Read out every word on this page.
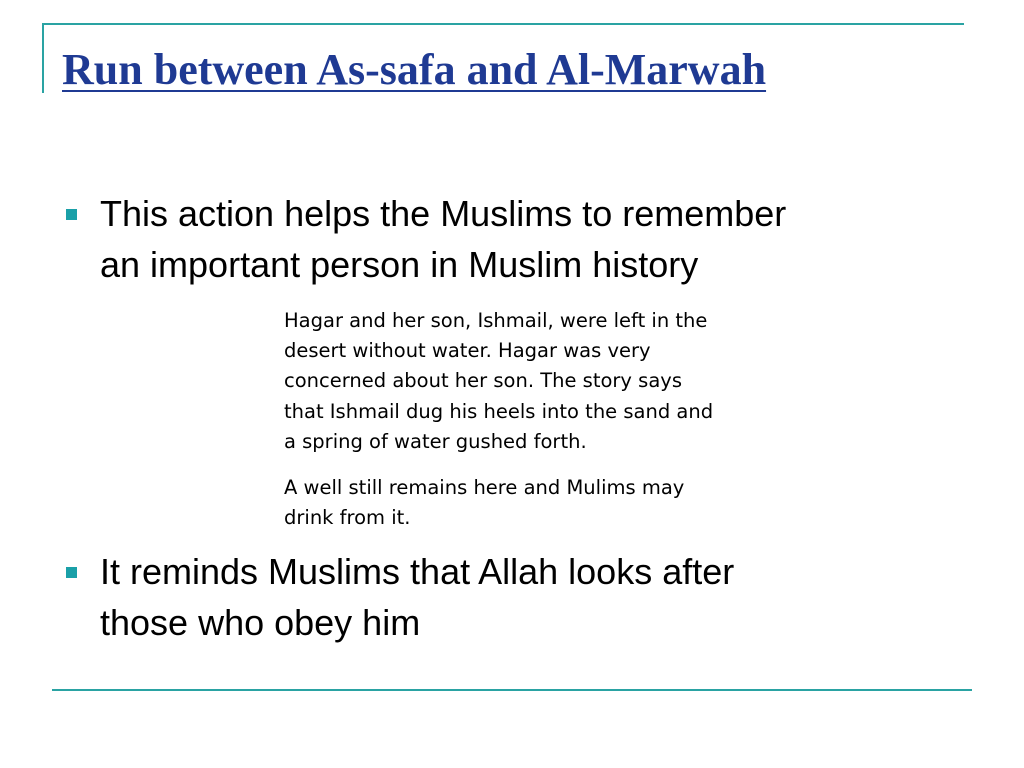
Run between As-safa and Al-Marwah
This action helps the Muslims to remember
an important person in Muslim history

Hagar and her son, Ishmail, were left in the
desert without water. Hagar was very
concerned about her son. The story says
that Ishmail dug his heels into the sand and
a spring of water gushed forth.

A well still remains here and Mulims may
drink from it.

It reminds Muslims that Allah looks after
those who obey him
